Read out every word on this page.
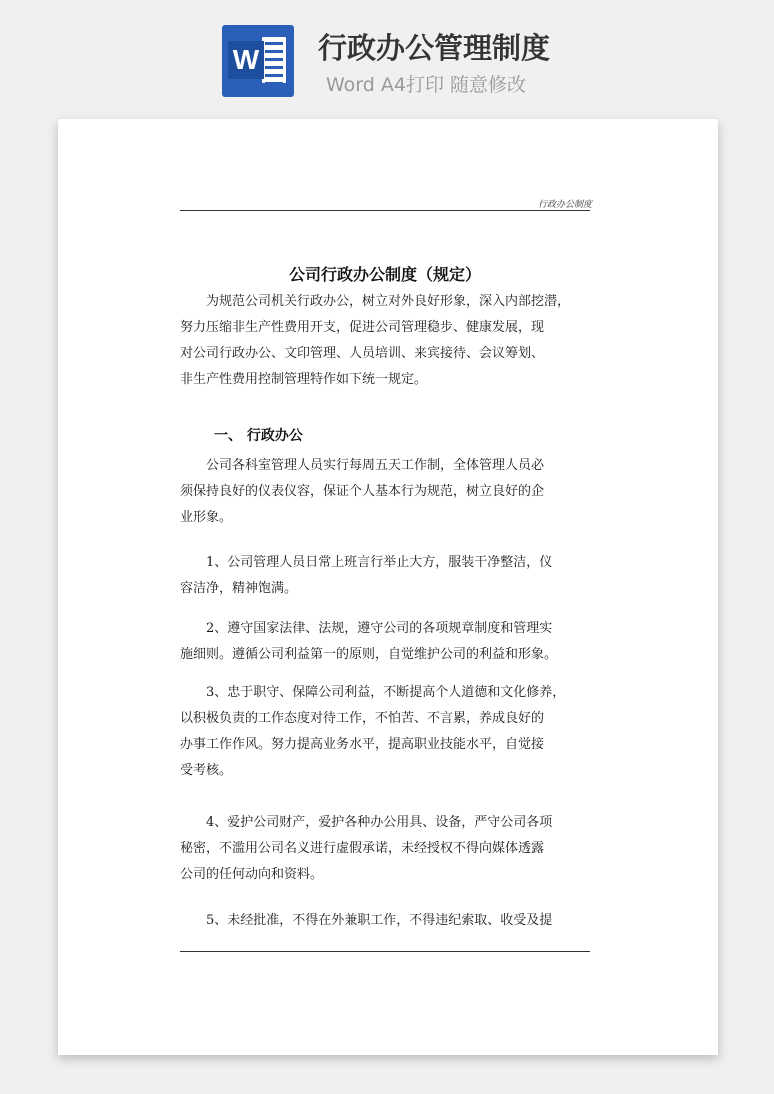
W 行政办公管理制度
Word A4打印 随意修改
行政办公制度
公司行政办公制度（规定）
为规范公司机关行政办公，树立对外良好形象，深入内部挖潜，
努力压缩非生产性费用开支，促进公司管理稳步、健康发展，现
对公司行政办公、文印管理、人员培训、来宾接待、会议筹划、
非生产性费用控制管理特作如下统一规定。
一、 行政办公
公司各科室管理人员实行每周五天工作制，全体管理人员必
须保持良好的仪表仪容，保证个人基本行为规范，树立良好的企
业形象。
1、公司管理人员日常上班言行举止大方，服装干净整洁，仪
容洁净，精神饱满。
2、遵守国家法律、法规，遵守公司的各项规章制度和管理实
施细则。遵循公司利益第一的原则，自觉维护公司的利益和形象。
3、忠于职守、保障公司利益，不断提高个人道德和文化修养，
以积极负责的工作态度对待工作，不怕苦、不言累，养成良好的
办事工作作风。努力提高业务水平，提高职业技能水平，自觉接
受考核。
4、爱护公司财产，爱护各种办公用具、设备，严守公司各项
秘密，不滥用公司名义进行虚假承诺，未经授权不得向媒体透露
公司的任何动向和资料。
5、未经批准，不得在外兼职工作，不得违纪索取、收受及提
